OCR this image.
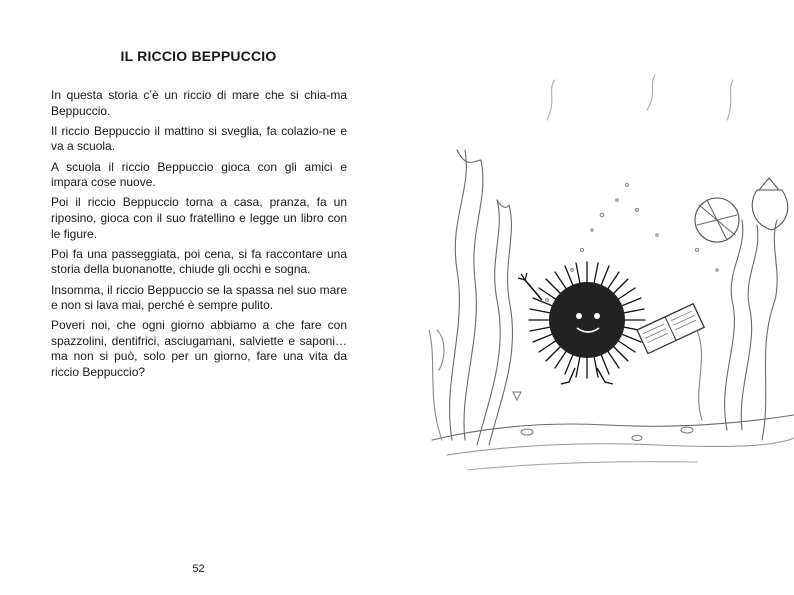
IL RICCIO BEPPUCCIO

In questa storia c’è un riccio di mare che si chia-ma Beppuccio.

Il riccio Beppuccio il mattino si sveglia, fa colazio-ne e va a scuola.

A scuola il riccio Beppuccio gioca con gli amici e impara cose nuove.

Poi il riccio Beppuccio torna a casa, pranza, fa un riposino, gioca con il suo fratellino e legge un libro con le figure.

Poi fa una passeggiata, poi cena, si fa raccontare una storia della buonanotte, chiude gli occhi e sogna.

Insomma, il riccio Beppuccio se la spassa nel suo mare e non si lava mai, perché è sempre pulito.

Poveri noi, che ogni giorno abbiamo a che fare con spazzolini, dentifrici, asciugamani, salviette e saponi… ma non si può, solo per un giorno, fare una vita da riccio Beppuccio?

52
